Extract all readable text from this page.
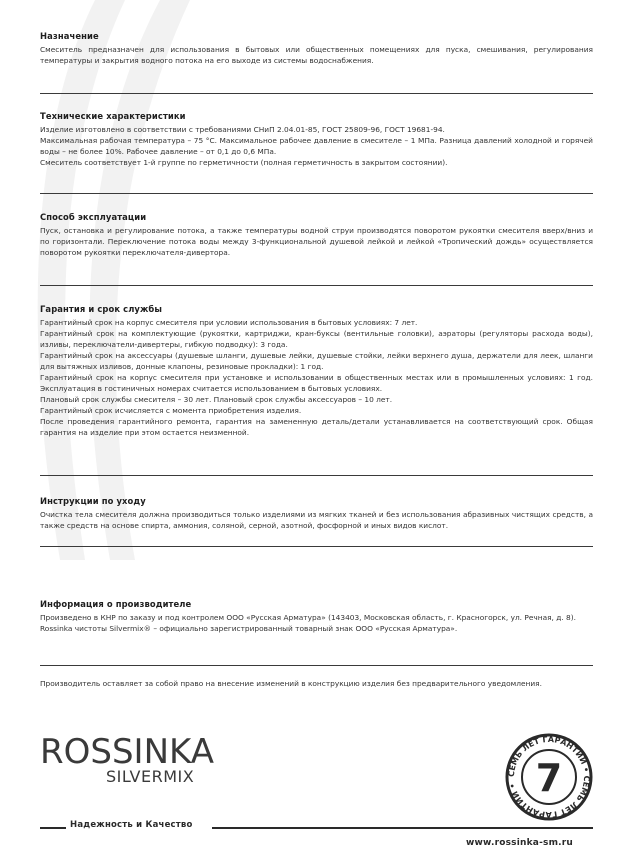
Назначение

Смеситель предназначен для использования в бытовых или общественных помещениях для пуска, смешивания, регулирования температуры и закрытия водного потока на его выходе из системы водоснабжения.

Технические характеристики

Изделие изготовлено в соответствии с требованиями СНиП 2.04.01-85, ГОСТ 25809-96, ГОСТ 19681-94.

Максимальная рабочая температура – 75 °С. Максимальное рабочее давление в смесителе – 1 МПа. Разница давлений холодной и горячей воды – не более 10%. Рабочее давление – от 0,1 до 0,6 МПа.

Смеситель соответствует 1-й группе по герметичности (полная герметичность в закрытом состоянии).

Способ эксплуатации

Пуск, остановка и регулирование потока, а также температуры водной струи производятся поворотом рукоятки смесителя вверх/вниз и по горизонтали. Переключение потока воды между 3-функциональной душевой лейкой и лейкой «Тропический дождь» осуществляется поворотом рукоятки переключателя-дивертора.

Гарантия и срок службы

Гарантийный срок на корпус смесителя при условии использования в бытовых условиях: 7 лет.

Гарантийный срок на комплектующие (рукоятки, картриджи, кран-буксы (вентильные головки), аэраторы (регуляторы расхода воды), изливы, переключатели-дивертеры, гибкую подводку): 3 года.

Гарантийный срок на аксессуары (душевые шланги, душевые лейки, душевые стойки, лейки верхнего душа, держатели для леек, шланги для вытяжных изливов, донные клапоны, резиновые прокладки): 1 год.

Гарантийный срок на корпус смесителя при установке и использовании в общественных местах или в промышленных условиях: 1 год. Эксплуатация в гостиничных номерах считается использованием в бытовых условиях.

Плановый срок службы смесителя – 30 лет. Плановый срок службы аксессуаров – 10 лет.

Гарантийный срок исчисляется с момента приобретения изделия.

После проведения гарантийного ремонта, гарантия на замененную деталь/детали устанавливается на соответствующий срок. Общая гарантия на изделие при этом остается неизменной.

Инструкции по уходу

Очистка тела смесителя должна производиться только изделиями из мягких тканей и без использования абразивных чистящих средств, а также средств на основе спирта, аммония, соляной, серной, азотной, фосфорной и иных видов кислот.

Информация о производителе

Произведено в КНР по заказу и под контролем ООО «Русская Арматура» (143403, Московская область, г. Красногорск, ул. Речная, д. 8).

Rossinka чистоты Silvermix® – официально зарегистрированный товарный знак ООО «Русская Арматура».

Производитель оставляет за собой право на внесение изменений в конструкцию изделия без предварительного уведомления.

ROSSINKA
SILVERMIX	СЕМЬ ЛЕТ ГАРАНТИИ • СЕМЬ ЛЕТ ГАРАНТИИ • 7
Надежность и Качество
www.rossinka-sm.ru
